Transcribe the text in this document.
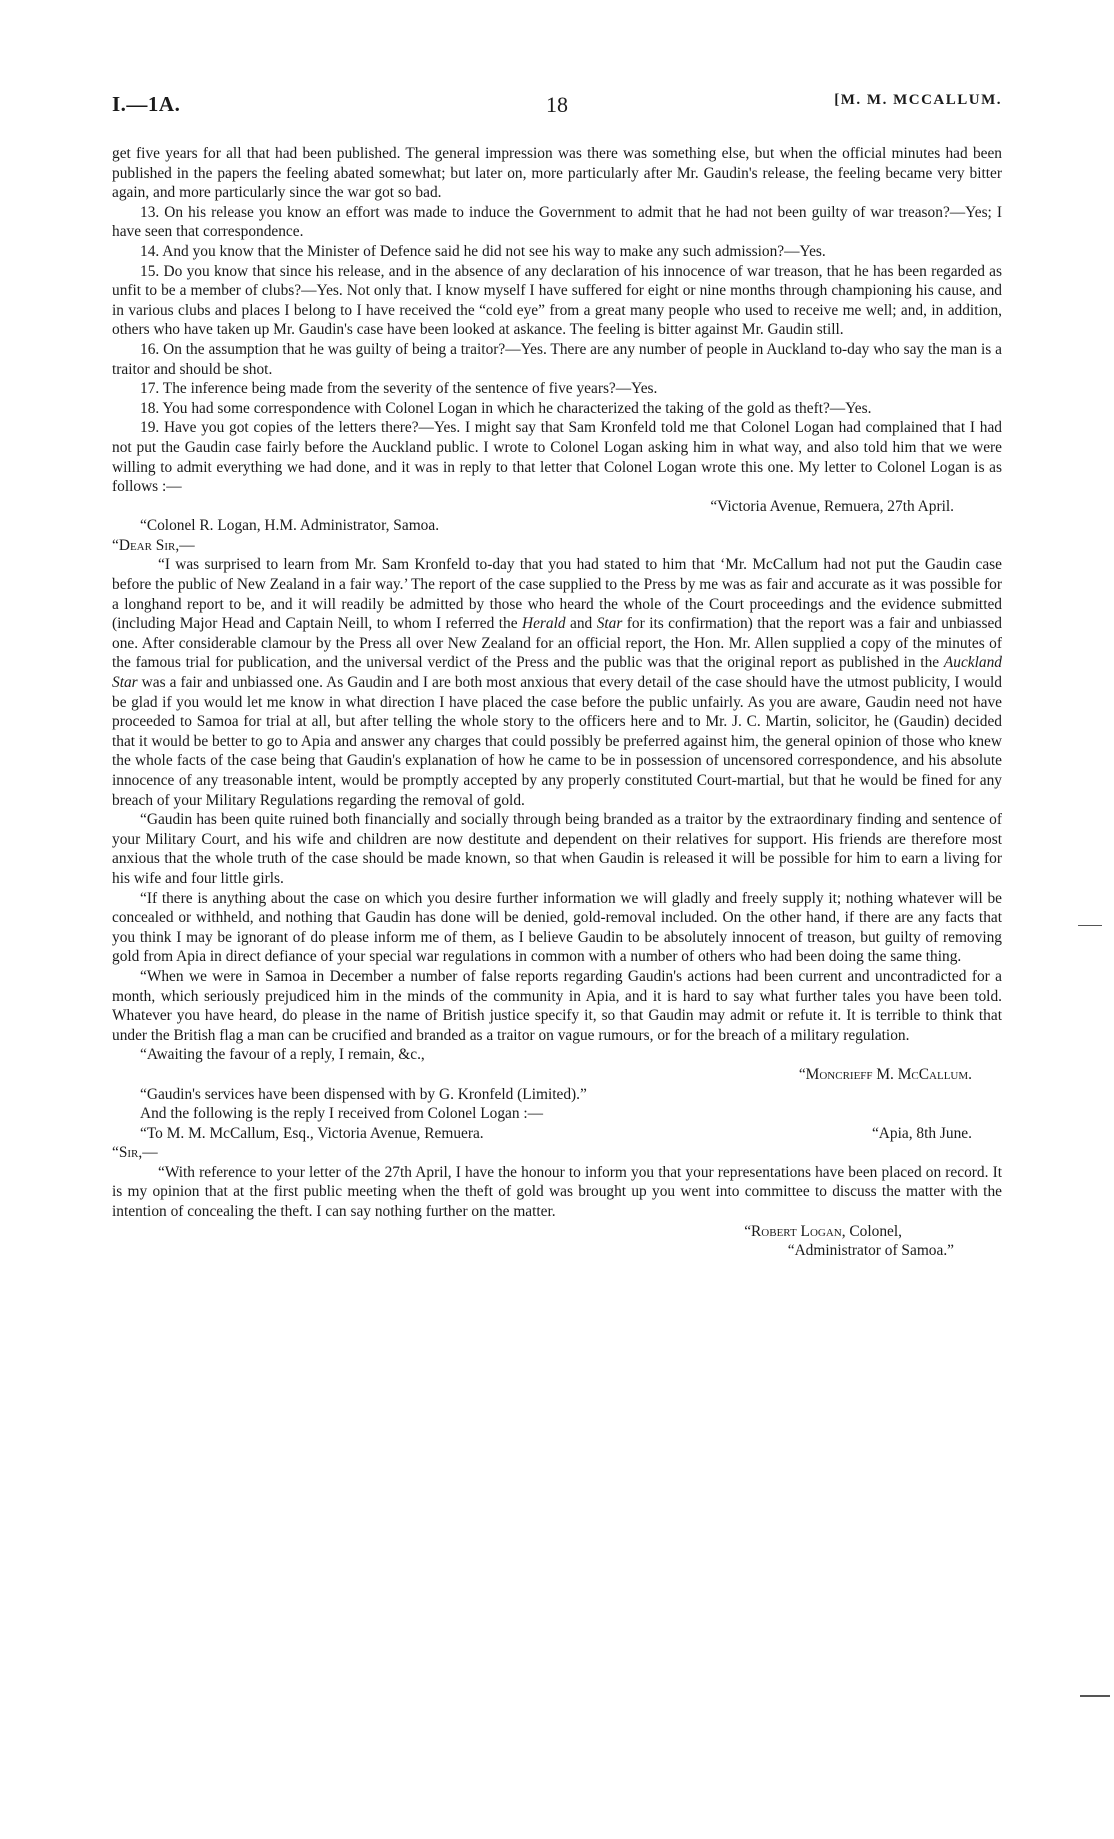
I.—1A.	18	[M. M. MCCALLUM.

get five years for all that had been published. The general impression was there was something else, but when the official minutes had been published in the papers the feeling abated somewhat; but later on, more particularly after Mr. Gaudin's release, the feeling became very bitter again, and more particularly since the war got so bad.

13. On his release you know an effort was made to induce the Government to admit that he had not been guilty of war treason?—Yes; I have seen that correspondence.

14. And you know that the Minister of Defence said he did not see his way to make any such admission?—Yes.

15. Do you know that since his release, and in the absence of any declaration of his innocence of war treason, that he has been regarded as unfit to be a member of clubs?—Yes. Not only that. I know myself I have suffered for eight or nine months through championing his cause, and in various clubs and places I belong to I have received the “cold eye” from a great many people who used to receive me well; and, in addition, others who have taken up Mr. Gaudin's case have been looked at askance. The feeling is bitter against Mr. Gaudin still.

16. On the assumption that he was guilty of being a traitor?—Yes. There are any number of people in Auckland to-day who say the man is a traitor and should be shot.

17. The inference being made from the severity of the sentence of five years?—Yes.

18. You had some correspondence with Colonel Logan in which he characterized the taking of the gold as theft?—Yes.

19. Have you got copies of the letters there?—Yes. I might say that Sam Kronfeld told me that Colonel Logan had complained that I had not put the Gaudin case fairly before the Auckland public. I wrote to Colonel Logan asking him in what way, and also told him that we were willing to admit everything we had done, and it was in reply to that letter that Colonel Logan wrote this one. My letter to Colonel Logan is as follows :—

“Victoria Avenue, Remuera, 27th April.

“Colonel R. Logan, H.M. Administrator, Samoa.

“Dear Sir,—

“I was surprised to learn from Mr. Sam Kronfeld to-day that you had stated to him that ‘Mr. McCallum had not put the Gaudin case before the public of New Zealand in a fair way.’ The report of the case supplied to the Press by me was as fair and accurate as it was possible for a longhand report to be, and it will readily be admitted by those who heard the whole of the Court proceedings and the evidence submitted (including Major Head and Captain Neill, to whom I referred the Herald and Star for its confirmation) that the report was a fair and unbiassed one. After considerable clamour by the Press all over New Zealand for an official report, the Hon. Mr. Allen supplied a copy of the minutes of the famous trial for publication, and the universal verdict of the Press and the public was that the original report as published in the Auckland Star was a fair and unbiassed one. As Gaudin and I are both most anxious that every detail of the case should have the utmost publicity, I would be glad if you would let me know in what direction I have placed the case before the public unfairly. As you are aware, Gaudin need not have proceeded to Samoa for trial at all, but after telling the whole story to the officers here and to Mr. J. C. Martin, solicitor, he (Gaudin) decided that it would be better to go to Apia and answer any charges that could possibly be preferred against him, the general opinion of those who knew the whole facts of the case being that Gaudin's explanation of how he came to be in possession of uncensored correspondence, and his absolute innocence of any treasonable intent, would be promptly accepted by any properly constituted Court-martial, but that he would be fined for any breach of your Military Regulations regarding the removal of gold.

“Gaudin has been quite ruined both financially and socially through being branded as a traitor by the extraordinary finding and sentence of your Military Court, and his wife and children are now destitute and dependent on their relatives for support. His friends are therefore most anxious that the whole truth of the case should be made known, so that when Gaudin is released it will be possible for him to earn a living for his wife and four little girls.

“If there is anything about the case on which you desire further information we will gladly and freely supply it; nothing whatever will be concealed or withheld, and nothing that Gaudin has done will be denied, gold-removal included. On the other hand, if there are any facts that you think I may be ignorant of do please inform me of them, as I believe Gaudin to be absolutely innocent of treason, but guilty of removing gold from Apia in direct defiance of your special war regulations in common with a number of others who had been doing the same thing.

“When we were in Samoa in December a number of false reports regarding Gaudin's actions had been current and uncontradicted for a month, which seriously prejudiced him in the minds of the community in Apia, and it is hard to say what further tales you have been told. Whatever you have heard, do please in the name of British justice specify it, so that Gaudin may admit or refute it. It is terrible to think that under the British flag a man can be crucified and branded as a traitor on vague rumours, or for the breach of a military regulation.

“Awaiting the favour of a reply, I remain, &c.,

“Moncrieff M. McCallum.

“Gaudin's services have been dispensed with by G. Kronfeld (Limited).”

And the following is the reply I received from Colonel Logan :—

“To M. M. McCallum, Esq., Victoria Avenue, Remuera.	“Apia, 8th June.

“Sir,—

“With reference to your letter of the 27th April, I have the honour to inform you that your representations have been placed on record. It is my opinion that at the first public meeting when the theft of gold was brought up you went into committee to discuss the matter with the intention of concealing the theft. I can say nothing further on the matter.

“Robert Logan, Colonel,

“Administrator of Samoa.”
